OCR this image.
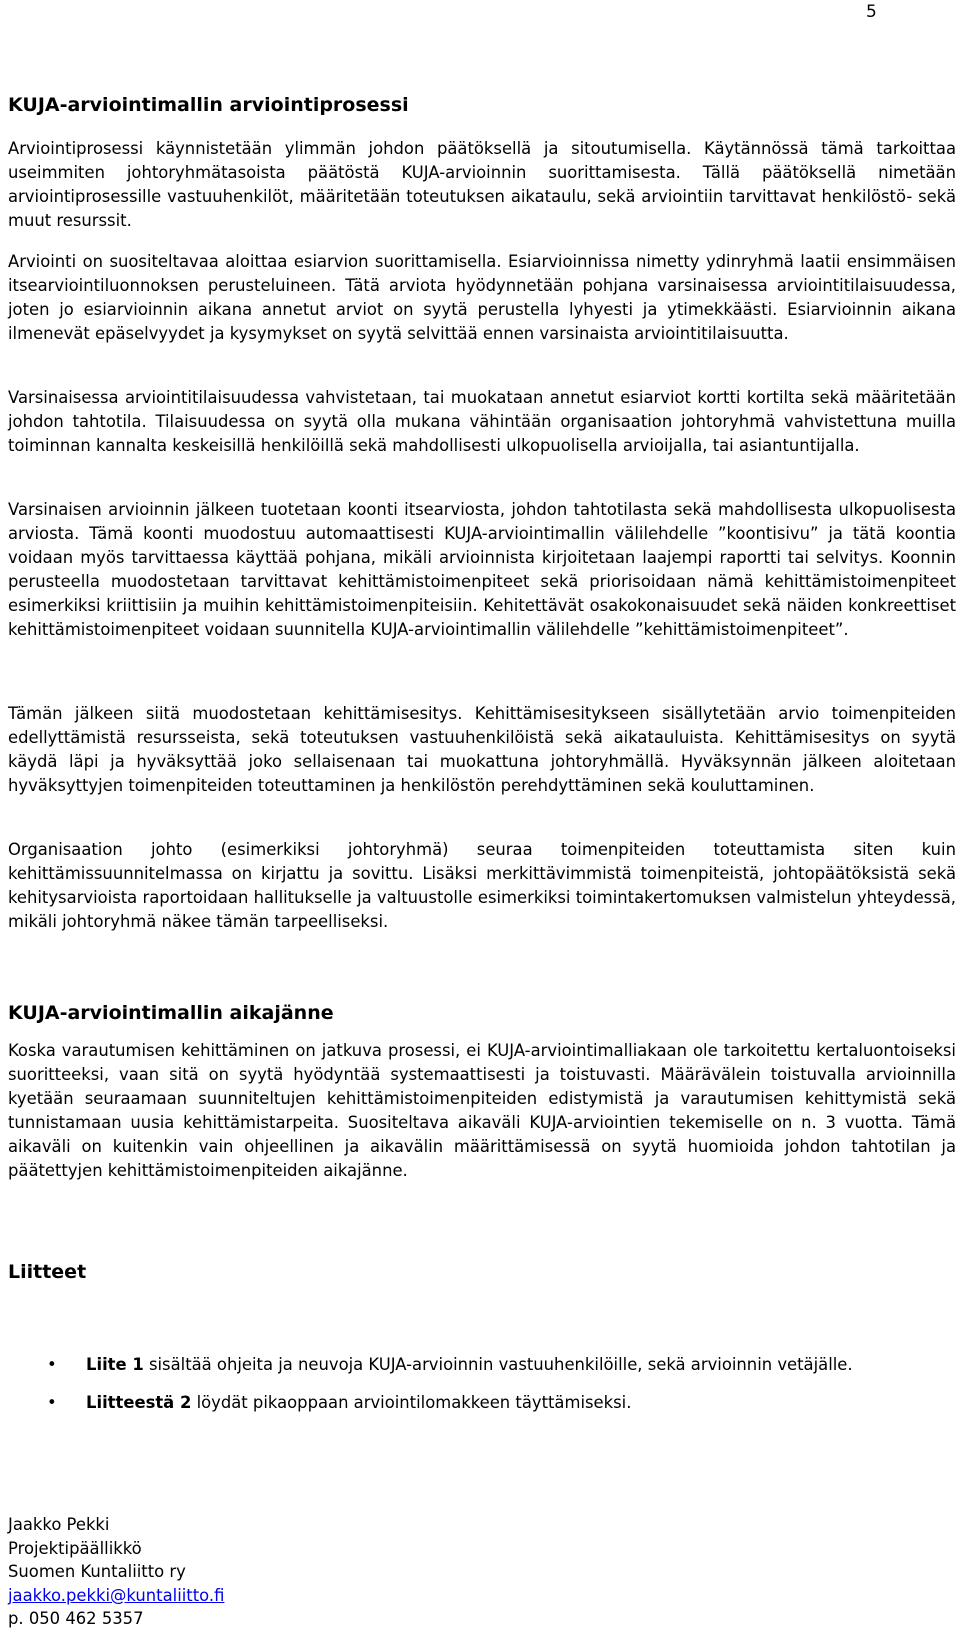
5
KUJA-arviointimallin arviointiprosessi

Arviointiprosessi käynnistetään ylimmän johdon päätöksellä ja sitoutumisella. Käytännössä tämä tarkoittaa useimmiten johtoryhmätasoista päätöstä KUJA-arvioinnin suorittamisesta. Tällä päätöksellä nimetään arviointiprosessille vastuuhenkilöt, määritetään toteutuksen aikataulu, sekä arviointiin tarvittavat henkilöstö- sekä muut resurssit.

Arviointi on suositeltavaa aloittaa esiarvion suorittamisella. Esiarvioinnissa nimetty ydinryhmä laatii ensimmäisen itsearviointiluonnoksen perusteluineen. Tätä arviota hyödynnetään pohjana varsinaisessa arviointitilaisuudessa, joten jo esiarvioinnin aikana annetut arviot on syytä perustella lyhyesti ja ytimekkäästi. Esiarvioinnin aikana ilmenevät epäselvyydet ja kysymykset on syytä selvittää ennen varsinaista arviointitilaisuutta.

Varsinaisessa arviointitilaisuudessa vahvistetaan, tai muokataan annetut esiarviot kortti kortilta sekä määritetään johdon tahtotila. Tilaisuudessa on syytä olla mukana vähintään organisaation johtoryhmä vahvistettuna muilla toiminnan kannalta keskeisillä henkilöillä sekä mahdollisesti ulkopuolisella arvioijalla, tai asiantuntijalla.

Varsinaisen arvioinnin jälkeen tuotetaan koonti itsearviosta, johdon tahtotilasta sekä mahdollisesta ulkopuolisesta arviosta. Tämä koonti muodostuu automaattisesti KUJA-arviointimallin välilehdelle ”koontisivu” ja tätä koontia voidaan myös tarvittaessa käyttää pohjana, mikäli arvioinnista kirjoitetaan laajempi raportti tai selvitys. Koonnin perusteella muodostetaan tarvittavat kehittämistoimenpiteet sekä priorisoidaan nämä kehittämistoimenpiteet esimerkiksi kriittisiin ja muihin kehittämistoimenpiteisiin. Kehitettävät osakokonaisuudet sekä näiden konkreettiset kehittämistoimenpiteet voidaan suunnitella KUJA-arviointimallin välilehdelle ”kehittämistoimenpiteet”.

Tämän jälkeen siitä muodostetaan kehittämisesitys. Kehittämisesitykseen sisällytetään arvio toimenpiteiden edellyttämistä resursseista, sekä toteutuksen vastuuhenkilöistä sekä aikatauluista. Kehittämisesitys on syytä käydä läpi ja hyväksyttää joko sellaisenaan tai muokattuna johtoryhmällä. Hyväksynnän jälkeen aloitetaan hyväksyttyjen toimenpiteiden toteuttaminen ja henkilöstön perehdyttäminen sekä kouluttaminen.

Organisaation johto (esimerkiksi johtoryhmä) seuraa toimenpiteiden toteuttamista siten kuin kehittämissuunnitelmassa on kirjattu ja sovittu. Lisäksi merkittävimmistä toimenpiteistä, johtopäätöksistä sekä kehitysarvioista raportoidaan hallitukselle ja valtuustolle esimerkiksi toimintakertomuksen valmistelun yhteydessä, mikäli johtoryhmä näkee tämän tarpeelliseksi.

KUJA-arviointimallin aikajänne

Koska varautumisen kehittäminen on jatkuva prosessi, ei KUJA-arviointimalliakaan ole tarkoitettu kertaluontoiseksi suoritteeksi, vaan sitä on syytä hyödyntää systemaattisesti ja toistuvasti. Määrävälein toistuvalla arvioinnilla kyetään seuraamaan suunniteltujen kehittämistoimenpiteiden edistymistä ja varautumisen kehittymistä sekä tunnistamaan uusia kehittämistarpeita. Suositeltava aikaväli KUJA-arviointien tekemiselle on n. 3 vuotta. Tämä aikaväli on kuitenkin vain ohjeellinen ja aikavälin määrittämisessä on syytä huomioida johdon tahtotilan ja päätettyjen kehittämistoimenpiteiden aikajänne.

Liitteet
• Liite 1 sisältää ohjeita ja neuvoja KUJA-arvioinnin vastuuhenkilöille, sekä arvioinnin vetäjälle.
• Liitteestä 2 löydät pikaoppaan arviointilomakkeen täyttämiseksi.
Jaakko Pekki
Projektipäällikkö
Suomen Kuntaliitto ry
jaakko.pekki@kuntaliitto.fi
p. 050 462 5357
